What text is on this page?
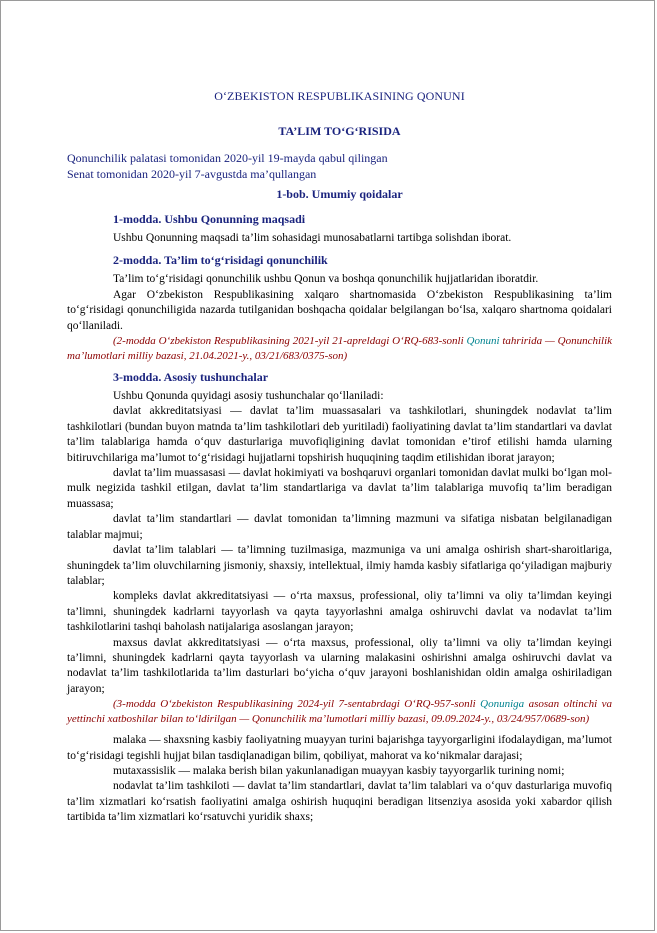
O‘ZBEKISTON RESPUBLIKASINING QONUNI
TA’LIM TO‘G‘RISIDA
Qonunchilik palatasi tomonidan 2020-yil 19-mayda qabul qilingan
Senat tomonidan 2020-yil 7-avgustda ma’qullangan
1-bob. Umumiy qoidalar
1-modda. Ushbu Qonunning maqsadi

Ushbu Qonunning maqsadi ta’lim sohasidagi munosabatlarni tartibga solishdan iborat.

2-modda. Ta’lim to‘g‘risidagi qonunchilik

Ta’lim to‘g‘risidagi qonunchilik ushbu Qonun va boshqa qonunchilik hujjatlaridan iboratdir.

Agar O‘zbekiston Respublikasining xalqaro shartnomasida O‘zbekiston Respublikasining ta’lim to‘g‘risidagi qonunchiligida nazarda tutilganidan boshqacha qoidalar belgilangan bo‘lsa, xalqaro shartnoma qoidalari qo‘llaniladi.

(2-modda O‘zbekiston Respublikasining 2021-yil 21-apreldagi O‘RQ-683-sonli Qonuni tahririda — Qonunchilik ma’lumotlari milliy bazasi, 21.04.2021-y., 03/21/683/0375-son)
3-modda. Asosiy tushunchalar

Ushbu Qonunda quyidagi asosiy tushunchalar qo‘llaniladi:

davlat akkreditatsiyasi — davlat ta’lim muassasalari va tashkilotlari, shuningdek nodavlat ta’lim tashkilotlari (bundan buyon matnda ta’lim tashkilotlari deb yuritiladi) faoliyatining davlat ta’lim standartlari va davlat ta’lim talablariga hamda o‘quv dasturlariga muvofiqligining davlat tomonidan e’tirof etilishi hamda ularning bitiruvchilariga ma’lumot to‘g‘risidagi hujjatlarni topshirish huquqining taqdim etilishidan iborat jarayon;

davlat ta’lim muassasasi — davlat hokimiyati va boshqaruvi organlari tomonidan davlat mulki bo‘lgan mol-mulk negizida tashkil etilgan, davlat ta’lim standartlariga va davlat ta’lim talablariga muvofiq ta’lim beradigan muassasa;

davlat ta’lim standartlari — davlat tomonidan ta’limning mazmuni va sifatiga nisbatan belgilanadigan talablar majmui;

davlat ta’lim talablari — ta’limning tuzilmasiga, mazmuniga va uni amalga oshirish shart-sharoitlariga, shuningdek ta’lim oluvchilarning jismoniy, shaxsiy, intellektual, ilmiy hamda kasbiy sifatlariga qo‘yiladigan majburiy talablar;

kompleks davlat akkreditatsiyasi — o‘rta maxsus, professional, oliy ta’limni va oliy ta’limdan keyingi ta’limni, shuningdek kadrlarni tayyorlash va qayta tayyorlashni amalga oshiruvchi davlat va nodavlat ta’lim tashkilotlarini tashqi baholash natijalariga asoslangan jarayon;

maxsus davlat akkreditatsiyasi — o‘rta maxsus, professional, oliy ta’limni va oliy ta’limdan keyingi ta’limni, shuningdek kadrlarni qayta tayyorlash va ularning malakasini oshirishni amalga oshiruvchi davlat va nodavlat ta’lim tashkilotlarida ta’lim dasturlari bo‘yicha o‘quv jarayoni boshlanishidan oldin amalga oshiriladigan jarayon;

(3-modda O‘zbekiston Respublikasining 2024-yil 7-sentabrdagi O‘RQ-957-sonli Qonuniga asosan oltinchi va yettinchi xatboshilar bilan to‘ldirilgan — Qonunchilik ma’lumotlari milliy bazasi, 09.09.2024-y., 03/24/957/0689-son)

malaka — shaxsning kasbiy faoliyatning muayyan turini bajarishga tayyorgarligini ifodalaydigan, ma’lumot to‘g‘risidagi tegishli hujjat bilan tasdiqlanadigan bilim, qobiliyat, mahorat va ko‘nikmalar darajasi;

mutaxassislik — malaka berish bilan yakunlanadigan muayyan kasbiy tayyorgarlik turining nomi;

nodavlat ta’lim tashkiloti — davlat ta’lim standartlari, davlat ta’lim talablari va o‘quv dasturlariga muvofiq ta’lim xizmatlari ko‘rsatish faoliyatini amalga oshirish huquqini beradigan litsenziya asosida yoki xabardor qilish tartibida ta’lim xizmatlari ko‘rsatuvchi yuridik shaxs;
